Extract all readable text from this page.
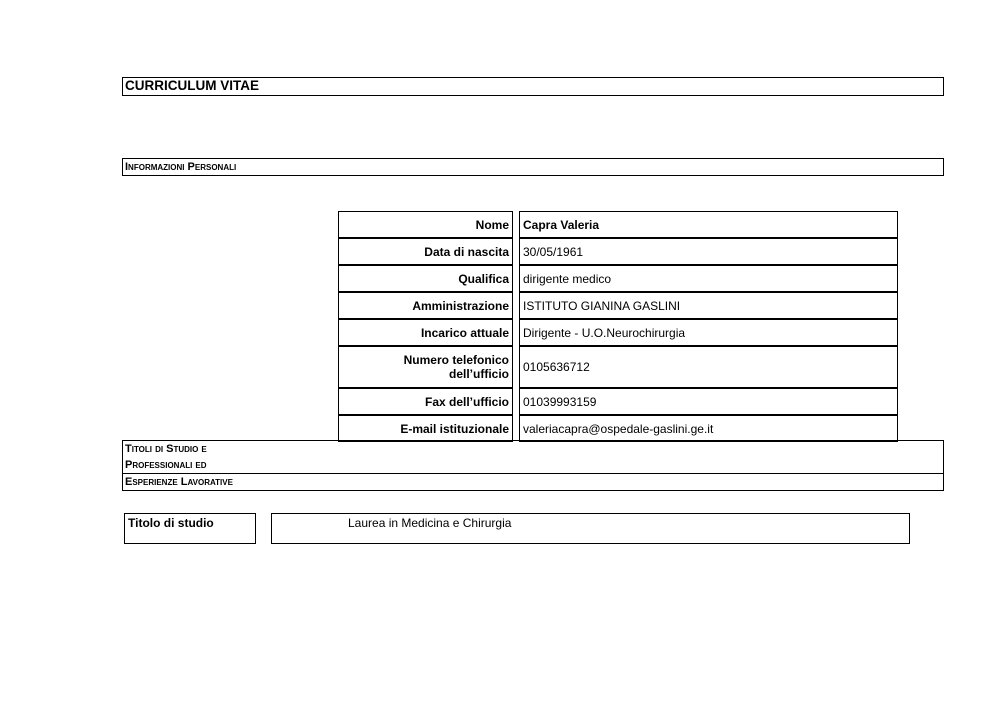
CURRICULUM VITAE
Informazioni Personali
Nome		Capra Valeria
Data di nascita		30/05/1961
Qualifica		dirigente medico
Amministrazione		ISTITUTO GIANINA GASLINI
Incarico attuale		Dirigente - U.O.Neurochirurgia
Numero telefonico
dell’ufficio		0105636712
Fax dell’ufficio		01039993159
E-mail istituzionale		valeriacapra@ospedale-gaslini.ge.it
Titoli di Studio e
Professionali ed
Esperienze Lavorative
Titolo di studio	Laurea in Medicina e Chirurgia
